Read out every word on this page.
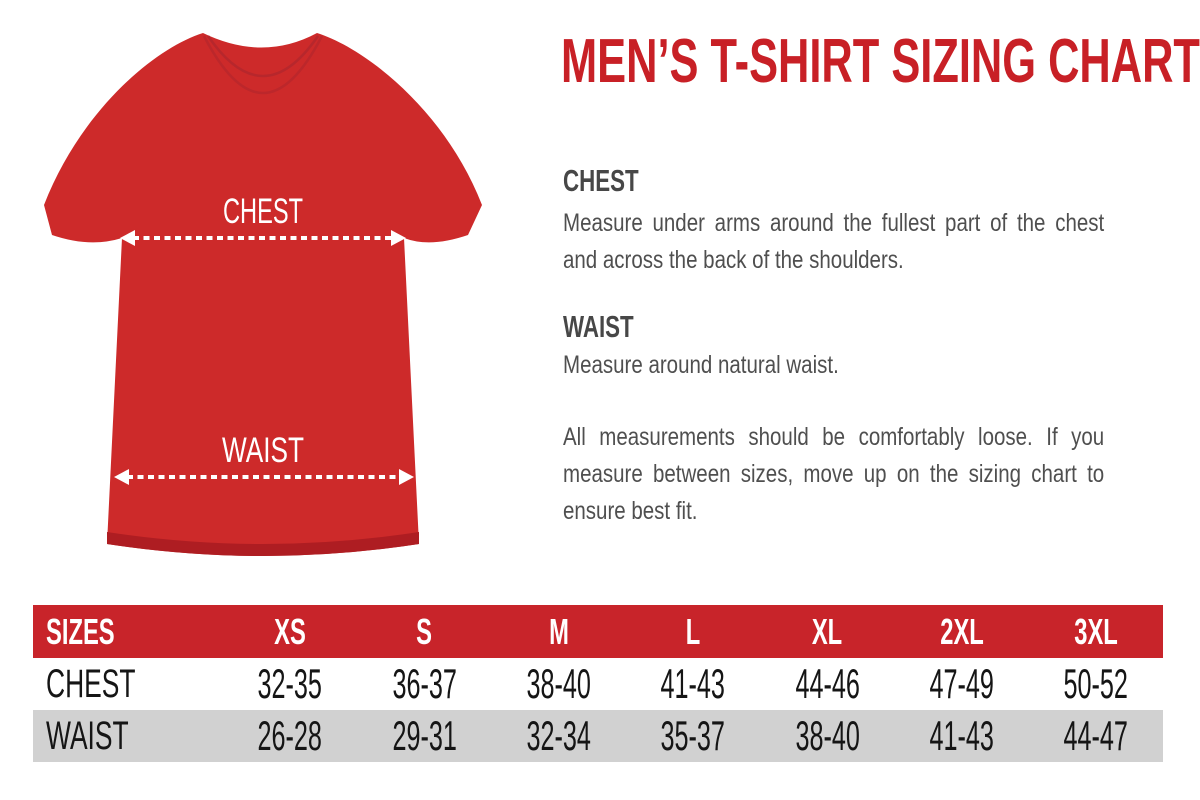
CHEST
WAIST
MEN’S T-SHIRT SIZING CHART
CHEST
Measure under arms around the fullest part of the chest and across the back of the shoulders.
WAIST
Measure around natural waist.
All measurements should be comfortably loose. If you measure between sizes, move up on the sizing chart to ensure best fit.
SIZES	XS	S	M	L	XL	2XL	3XL
CHEST	32-35 36-37 38-40 41-43 44-46 47-49 50-52
WAIST	26-28 29-31 32-34 35-37 38-40 41-43 44-47
